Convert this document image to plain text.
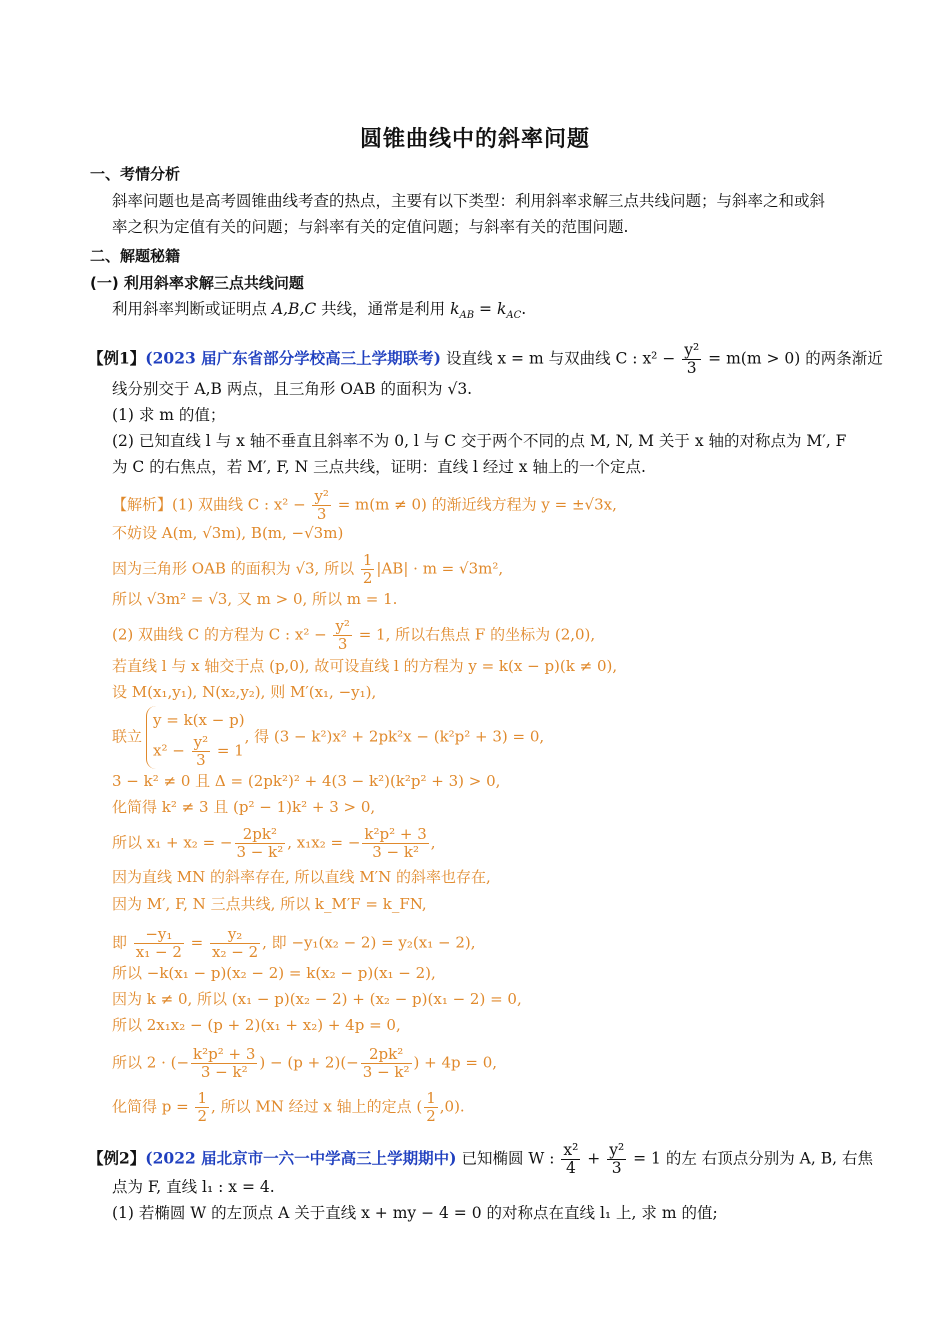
圆锥曲线中的斜率问题
一、考情分析
斜率问题也是高考圆锥曲线考查的热点，主要有以下类型：利用斜率求解三点共线问题；与斜率之和或斜
率之积为定值有关的问题；与斜率有关的定值问题；与斜率有关的范围问题.
二、解题秘籍
(一) 利用斜率求解三点共线问题
利用斜率判断或证明点 A,B,C 共线，通常是利用 $k_{AB} = k_{AC}$.
【例1】(2023 届广东省部分学校高三上学期联考) 设直线 x = m 与双曲线 C : $x^2 - \frac{\text{y²}}{3} = m(m > 0)$ 的两条渐近
线分别交于 A,B 两点，且三角形 OAB 的面积为 √3.
(1) 求 m 的值；
(2) 已知直线 l 与 x 轴不垂直且斜率不为 0, l 与 C 交于两个不同的点 M, N, M 关于 x 轴的对称点为 M′, F
为 C 的右焦点，若 M′, F, N 三点共线，证明：直线 l 经过 x 轴上的一个定点.
【解析】(1) 双曲线 C : $x^2 - \frac{\text{y²}}{3} = m(m \ne 0)$ 的渐近线方程为 y = ±√3x,
不妨设 A(m, √3m), B(m, −√3m)
因为三角形 OAB 的面积为 √3, 所以 $\frac{1}{2} |AB| \cdot m = √3m^2$,
所以 √3m² = √3, 又 m > 0, 所以 m = 1.
(2) 双曲线 C 的方程为 C : $x^2 - \frac{\text{y²}}{3} = 1$, 所以右焦点 F 的坐标为 (2,0),
若直线 l 与 x 轴交于点 (p,0), 故可设直线 l 的方程为 y = k(x − p)(k ≠ 0),
设 M(x₁,y₁), N(x₂,y₂), 则 M′(x₁, −y₁),
联立
y = k(x − p)
$x^2 - \frac{\text{y²}}{3} = 1$
, 得 (3 − k²)x² + 2pk²x − (k²p² + 3) = 0,
3 − k² ≠ 0 且 Δ = (2pk²)² + 4(3 − k²)(k²p² + 3) > 0,
化简得 k² ≠ 3 且 (p² − 1)k² + 3 > 0,
所以 x₁ + x₂ = − $\frac{\text{2pk²}}{\text{3 − k²}}$ , x₁x₂ = − $\frac{\text{k²p² + 3}}{\text{3 − k²}}$ ,
因为直线 MN 的斜率存在, 所以直线 M′N 的斜率也存在,
因为 M′, F, N 三点共线, 所以 k_M′F = k_FN,
即 $\frac{\text{−y₁}}{\text{x₁ − 2}} = \frac{\text{y₂}}{\text{x₂ − 2}}$ , 即 −y₁(x₂ − 2) = y₂(x₁ − 2),
所以 −k(x₁ − p)(x₂ − 2) = k(x₂ − p)(x₁ − 2),
因为 k ≠ 0, 所以 (x₁ − p)(x₂ − 2) + (x₂ − p)(x₁ − 2) = 0,
所以 2x₁x₂ − (p + 2)(x₁ + x₂) + 4p = 0,
所以 2 · (− $\frac{\text{k²p² + 3}}{\text{3 − k²}}$ ) − $(p + 2)(- \frac{\text{2pk²}}{\text{3 − k²}}$ ) + 4p = 0,
化简得 $p = \frac{1}{2}$ , 所以 MN 经过 x 轴上的定点 ( $\frac{1}{2} ,0$).
【例2】(2022 届北京市一六一中学高三上学期期中) 已知椭圆 W : $\frac{\text{x²}}{4} + \frac{\text{y²}}{3} = 1$ 的左 右顶点分别为 A, B, 右焦
点为 F, 直线 l₁ : x = 4.
(1) 若椭圆 W 的左顶点 A 关于直线 x + my − 4 = 0 的对称点在直线 l₁ 上, 求 m 的值;
